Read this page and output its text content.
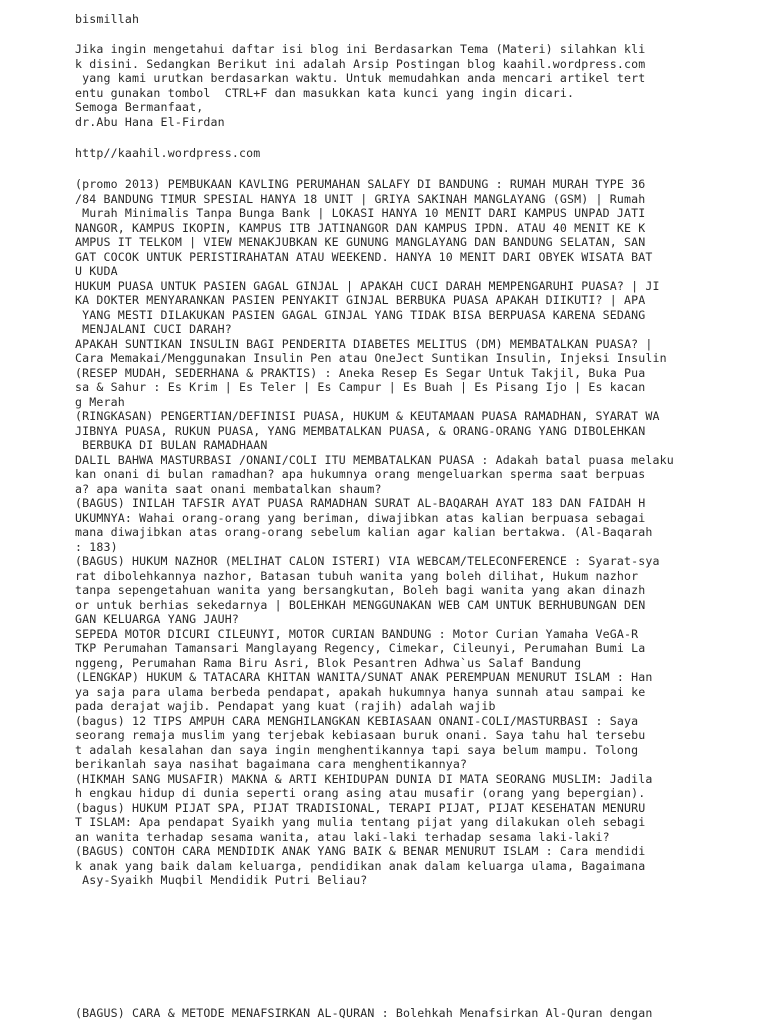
bismillah
Jika ingin mengetahui daftar isi blog ini Berdasarkan Tema (Materi) silahkan kli
k disini. Sedangkan Berikut ini adalah Arsip Postingan blog kaahil.wordpress.com
yang kami urutkan berdasarkan waktu. Untuk memudahkan anda mencari artikel tert
entu gunakan tombol  CTRL+F dan masukkan kata kunci yang ingin dicari.
Semoga Bermanfaat,
dr.Abu Hana El-Firdan
http//kaahil.wordpress.com
(promo 2013) PEMBUKAAN KAVLING PERUMAHAN SALAFY DI BANDUNG : RUMAH MURAH TYPE 36
/84 BANDUNG TIMUR SPESIAL HANYA 18 UNIT | GRIYA SAKINAH MANGLAYANG (GSM) | Rumah
Murah Minimalis Tanpa Bunga Bank | LOKASI HANYA 10 MENIT DARI KAMPUS UNPAD JATI
NANGOR, KAMPUS IKOPIN, KAMPUS ITB JATINANGOR DAN KAMPUS IPDN. ATAU 40 MENIT KE K
AMPUS IT TELKOM | VIEW MENAKJUBKAN KE GUNUNG MANGLAYANG DAN BANDUNG SELATAN, SAN
GAT COCOK UNTUK PERISTIRAHATAN ATAU WEEKEND. HANYA 10 MENIT DARI OBYEK WISATA BAT
U KUDA
HUKUM PUASA UNTUK PASIEN GAGAL GINJAL | APAKAH CUCI DARAH MEMPENGARUHI PUASA? | JI
KA DOKTER MENYARANKAN PASIEN PENYAKIT GINJAL BERBUKA PUASA APAKAH DIIKUTI? | APA
YANG MESTI DILAKUKAN PASIEN GAGAL GINJAL YANG TIDAK BISA BERPUASA KARENA SEDANG
MENJALANI CUCI DARAH?
APAKAH SUNTIKAN INSULIN BAGI PENDERITA DIABETES MELITUS (DM) MEMBATALKAN PUASA? |
Cara Memakai/Menggunakan Insulin Pen atau OneJect Suntikan Insulin, Injeksi Insulin
(RESEP MUDAH, SEDERHANA & PRAKTIS) : Aneka Resep Es Segar Untuk Takjil, Buka Pua
sa & Sahur : Es Krim | Es Teler | Es Campur | Es Buah | Es Pisang Ijo | Es kacan
g Merah
(RINGKASAN) PENGERTIAN/DEFINISI PUASA, HUKUM & KEUTAMAAN PUASA RAMADHAN, SYARAT WA
JIBNYA PUASA, RUKUN PUASA, YANG MEMBATALKAN PUASA, & ORANG-ORANG YANG DIBOLEHKAN
BERBUKA DI BULAN RAMADHAAN
DALIL BAHWA MASTURBASI /ONANI/COLI ITU MEMBATALKAN PUASA : Adakah batal puasa melaku
kan onani di bulan ramadhan? apa hukumnya orang mengeluarkan sperma saat berpuas
a? apa wanita saat onani membatalkan shaum?
(BAGUS) INILAH TAFSIR AYAT PUASA RAMADHAN SURAT AL-BAQARAH AYAT 183 DAN FAIDAH H
UKUMNYA: Wahai orang-orang yang beriman, diwajibkan atas kalian berpuasa sebagai
mana diwajibkan atas orang-orang sebelum kalian agar kalian bertakwa. (Al-Baqarah
: 183)
(BAGUS) HUKUM NAZHOR (MELIHAT CALON ISTERI) VIA WEBCAM/TELECONFERENCE : Syarat-sya
rat dibolehkannya nazhor, Batasan tubuh wanita yang boleh dilihat, Hukum nazhor
tanpa sepengetahuan wanita yang bersangkutan, Boleh bagi wanita yang akan dinazh
or untuk berhias sekedarnya | BOLEHKAH MENGGUNAKAN WEB CAM UNTUK BERHUBUNGAN DEN
GAN KELUARGA YANG JAUH?
SEPEDA MOTOR DICURI CILEUNYI, MOTOR CURIAN BANDUNG : Motor Curian Yamaha VeGA-R
TKP Perumahan Tamansari Manglayang Regency, Cimekar, Cileunyi, Perumahan Bumi La
nggeng, Perumahan Rama Biru Asri, Blok Pesantren Adhwa`us Salaf Bandung
(LENGKAP) HUKUM & TATACARA KHITAN WANITA/SUNAT ANAK PEREMPUAN MENURUT ISLAM : Han
ya saja para ulama berbeda pendapat, apakah hukumnya hanya sunnah atau sampai ke
pada derajat wajib. Pendapat yang kuat (rajih) adalah wajib
(bagus) 12 TIPS AMPUH CARA MENGHILANGKAN KEBIASAAN ONANI-COLI/MASTURBASI : Saya
seorang remaja muslim yang terjebak kebiasaan buruk onani. Saya tahu hal tersebu
t adalah kesalahan dan saya ingin menghentikannya tapi saya belum mampu. Tolong
berikanlah saya nasihat bagaimana cara menghentikannya?
(HIKMAH SANG MUSAFIR) MAKNA & ARTI KEHIDUPAN DUNIA DI MATA SEORANG MUSLIM: Jadila
h engkau hidup di dunia seperti orang asing atau musafir (orang yang bepergian).
(bagus) HUKUM PIJAT SPA, PIJAT TRADISIONAL, TERAPI PIJAT, PIJAT KESEHATAN MENURU
T ISLAM: Apa pendapat Syaikh yang mulia tentang pijat yang dilakukan oleh sebagi
an wanita terhadap sesama wanita, atau laki-laki terhadap sesama laki-laki?
(BAGUS) CONTOH CARA MENDIDIK ANAK YANG BAIK & BENAR MENURUT ISLAM : Cara mendidi
k anak yang baik dalam keluarga, pendidikan anak dalam keluarga ulama, Bagaimana
Asy-Syaikh Muqbil Mendidik Putri Beliau?
(BAGUS) CARA & METODE MENAFSIRKAN AL-QURAN : Bolehkah Menafsirkan Al-Quran dengan
